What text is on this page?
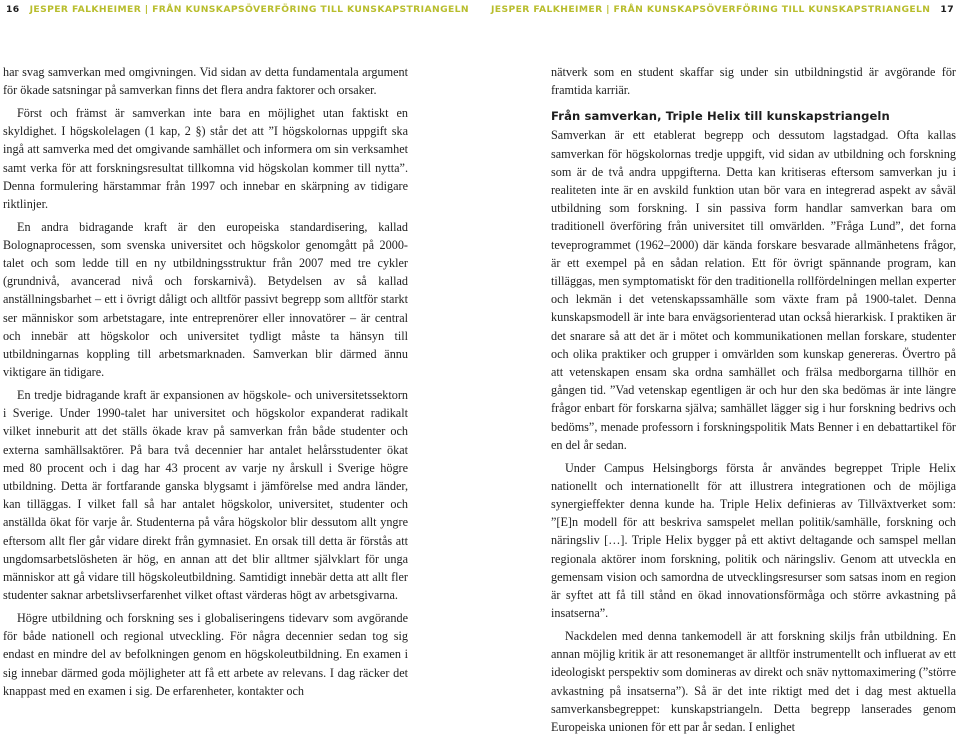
16 JESPER FALKHEIMER | FRÅN KUNSKAPSÖVERFÖRING TILL KUNSKAPSTRIANGELN JESPER FALKHEIMER | FRÅN KUNSKAPSÖVERFÖRING TILL KUNSKAPSTRIANGELN 17

har svag samverkan med omgivningen. Vid sidan av detta fundamentala argument för ökade satsningar på samverkan finns det flera andra faktorer och orsaker.

Först och främst är samverkan inte bara en möjlighet utan faktiskt en skyldighet. I högskolelagen (1 kap, 2 §) står det att ”I högskolornas uppgift ska ingå att samverka med det omgivande samhället och informera om sin verksamhet samt verka för att forskningsresultat tillkomna vid högskolan kommer till nytta”. Denna formulering härstammar från 1997 och innebar en skärpning av tidigare riktlinjer.

En andra bidragande kraft är den europeiska standardisering, kallad Bolognaprocessen, som svenska universitet och högskolor genomgått på 2000-talet och som ledde till en ny utbildningsstruktur från 2007 med tre cykler (grundnivå, avancerad nivå och forskarnivå). Betydelsen av så kallad anställningsbarhet – ett i övrigt dåligt och alltför passivt begrepp som alltför starkt ser människor som arbetstagare, inte entreprenörer eller innovatörer – är central och innebär att högskolor och universitet tydligt måste ta hänsyn till utbildningarnas koppling till arbetsmarknaden. Samverkan blir därmed ännu viktigare än tidigare.

En tredje bidragande kraft är expansionen av högskole- och universitetssektorn i Sverige. Under 1990-talet har universitet och högskolor expanderat radikalt vilket inneburit att det ställs ökade krav på samverkan från både studenter och externa samhällsaktörer. På bara två decennier har antalet helårsstudenter ökat med 80 procent och i dag har 43 procent av varje ny årskull i Sverige högre utbildning. Detta är fortfarande ganska blygsamt i jämförelse med andra länder, kan tilläggas. I vilket fall så har antalet högskolor, universitet, studenter och anställda ökat för varje år. Studenterna på våra högskolor blir dessutom allt yngre eftersom allt fler går vidare direkt från gymnasiet. En orsak till detta är förstås att ungdomsarbetslösheten är hög, en annan att det blir alltmer självklart för unga människor att gå vidare till högskoleutbildning. Samtidigt innebär detta att allt fler studenter saknar arbetslivserfarenhet vilket oftast värderas högt av arbetsgivarna.

Högre utbildning och forskning ses i globaliseringens tidevarv som avgörande för både nationell och regional utveckling. För några decennier sedan tog sig endast en mindre del av befolkningen genom en högskoleutbildning. En examen i sig innebar därmed goda möjligheter att få ett arbete av relevans. I dag räcker det knappast med en examen i sig. De erfarenheter, kontakter och

nätverk som en student skaffar sig under sin utbildningstid är avgörande för framtida karriär.

Från samverkan, Triple Helix till kunskapstriangeln

Samverkan är ett etablerat begrepp och dessutom lagstadgad. Ofta kallas samverkan för högskolornas tredje uppgift, vid sidan av utbildning och forskning som är de två andra uppgifterna. Detta kan kritiseras eftersom samverkan ju i realiteten inte är en avskild funktion utan bör vara en integrerad aspekt av såväl utbildning som forskning. I sin passiva form handlar samverkan bara om traditionell överföring från universitet till omvärlden. ”Fråga Lund”, det forna teveprogrammet (1962–2000) där kända forskare besvarade allmänhetens frågor, är ett exempel på en sådan relation. Ett för övrigt spännande program, kan tilläggas, men symptomatiskt för den traditionella rollfördelningen mellan experter och lekmän i det vetenskapssamhälle som växte fram på 1900-talet. Denna kunskapsmodell är inte bara envägsorienterad utan också hierarkisk. I praktiken är det snarare så att det är i mötet och kommunikationen mellan forskare, studenter och olika praktiker och grupper i omvärlden som kunskap genereras. Övertro på att vetenskapen ensam ska ordna samhället och frälsa medborgarna tillhör en gången tid. ”Vad vetenskap egentligen är och hur den ska bedömas är inte längre frågor enbart för forskarna själva; samhället lägger sig i hur forskning bedrivs och bedöms”, menade professorn i forskningspolitik Mats Benner i en debattartikel för en del år sedan.

Under Campus Helsingborgs första år användes begreppet Triple Helix nationellt och internationellt för att illustrera integrationen och de möjliga synergieffekter denna kunde ha. Triple Helix definieras av Tillväxtverket som: ”[E]n modell för att beskriva samspelet mellan politik/samhälle, forskning och näringsliv […]. Triple Helix bygger på ett aktivt deltagande och samspel mellan regionala aktörer inom forskning, politik och näringsliv. Genom att utveckla en gemensam vision och samordna de utvecklingsresurser som satsas inom en region är syftet att få till stånd en ökad innovationsförmåga och större avkastning på insatserna”.

Nackdelen med denna tankemodell är att forskning skiljs från utbildning. En annan möjlig kritik är att resonemanget är alltför instrumentellt och influerat av ett ideologiskt perspektiv som domineras av direkt och snäv nyttomaximering (”större avkastning på insatserna”). Så är det inte riktigt med det i dag mest aktuella samverkansbegreppet: kunskapstriangeln. Detta begrepp lanserades genom Europeiska unionen för ett par år sedan. I enlighet
